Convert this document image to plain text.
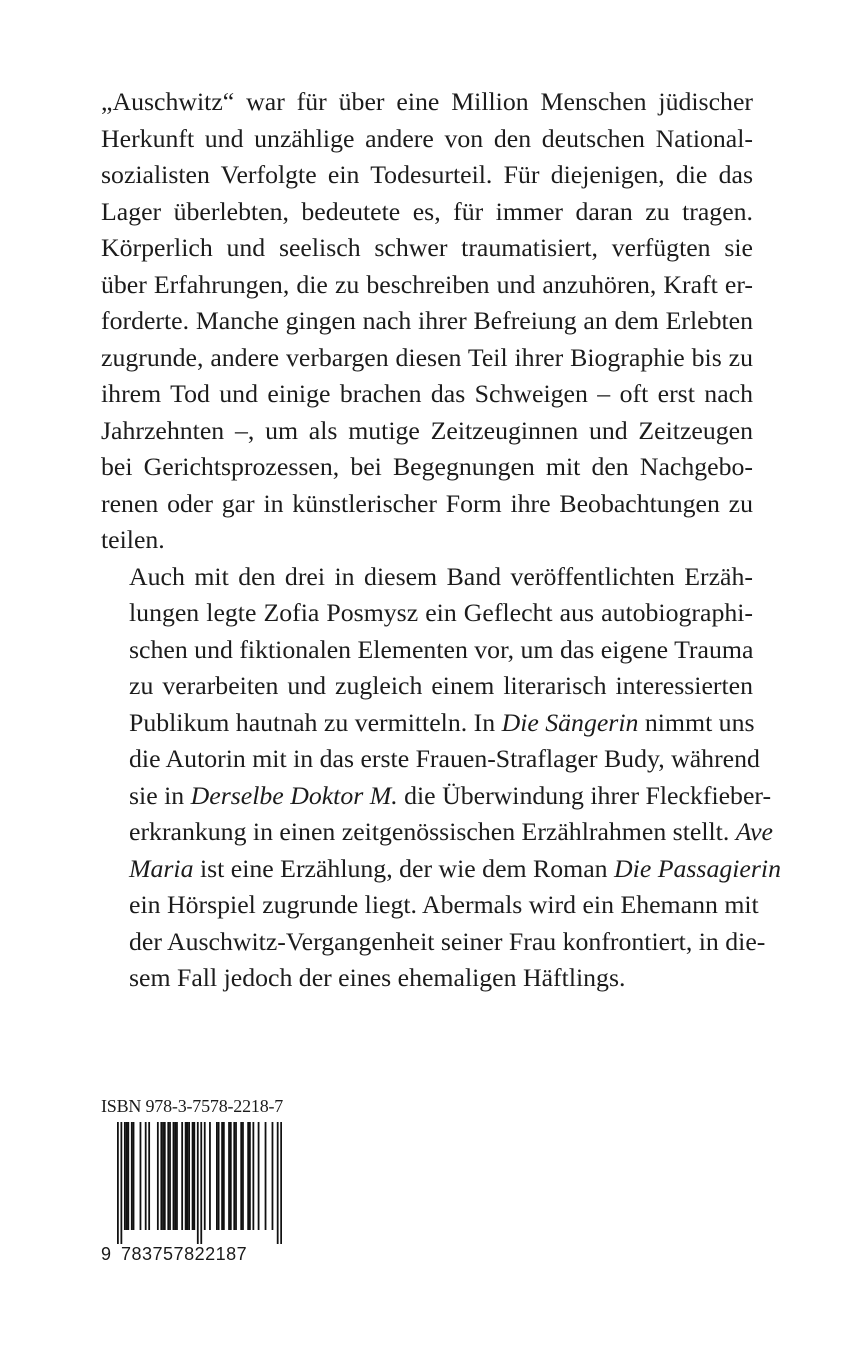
„Auschwitz“ war für über eine Million Menschen jüdischer
Herkunft und unzählige andere von den deutschen National-
sozialisten Verfolgte ein Todesurteil. Für diejenigen, die das
Lager überlebten, bedeutete es, für immer daran zu tragen.
Körperlich und seelisch schwer traumatisiert, verfügten sie
über Erfahrungen, die zu beschreiben und anzuhören, Kraft er-
forderte. Manche gingen nach ihrer Befreiung an dem Erlebten
zugrunde, andere verbargen diesen Teil ihrer Biographie bis zu
ihrem Tod und einige brachen das Schweigen – oft erst nach
Jahrzehnten –, um als mutige Zeitzeuginnen und Zeitzeugen
bei Gerichtsprozessen, bei Begegnungen mit den Nachgebo-
renen oder gar in künstlerischer Form ihre Beobachtungen zu
teilen.

Auch mit den drei in diesem Band veröffentlichten Erzäh-
lungen legte Zofia Posmysz ein Geflecht aus autobiographi-
schen und fiktionalen Elementen vor, um das eigene Trauma
zu verarbeiten und zugleich einem literarisch interessierten
Publikum hautnah zu vermitteln. In Die Sängerin nimmt uns
die Autorin mit in das erste Frauen-Straflager Budy, während
sie in Derselbe Doktor M. die Überwindung ihrer Fleckfieber-
erkrankung in einen zeitgenössischen Erzählrahmen stellt. Ave
Maria ist eine Erzählung, der wie dem Roman Die Passagierin
ein Hörspiel zugrunde liegt. Abermals wird ein Ehemann mit
der Auschwitz-Vergangenheit seiner Frau konfrontiert, in die-
sem Fall jedoch der eines ehemaligen Häftlings.

ISBN 978-3-7578-2218-7
9 783757822187
